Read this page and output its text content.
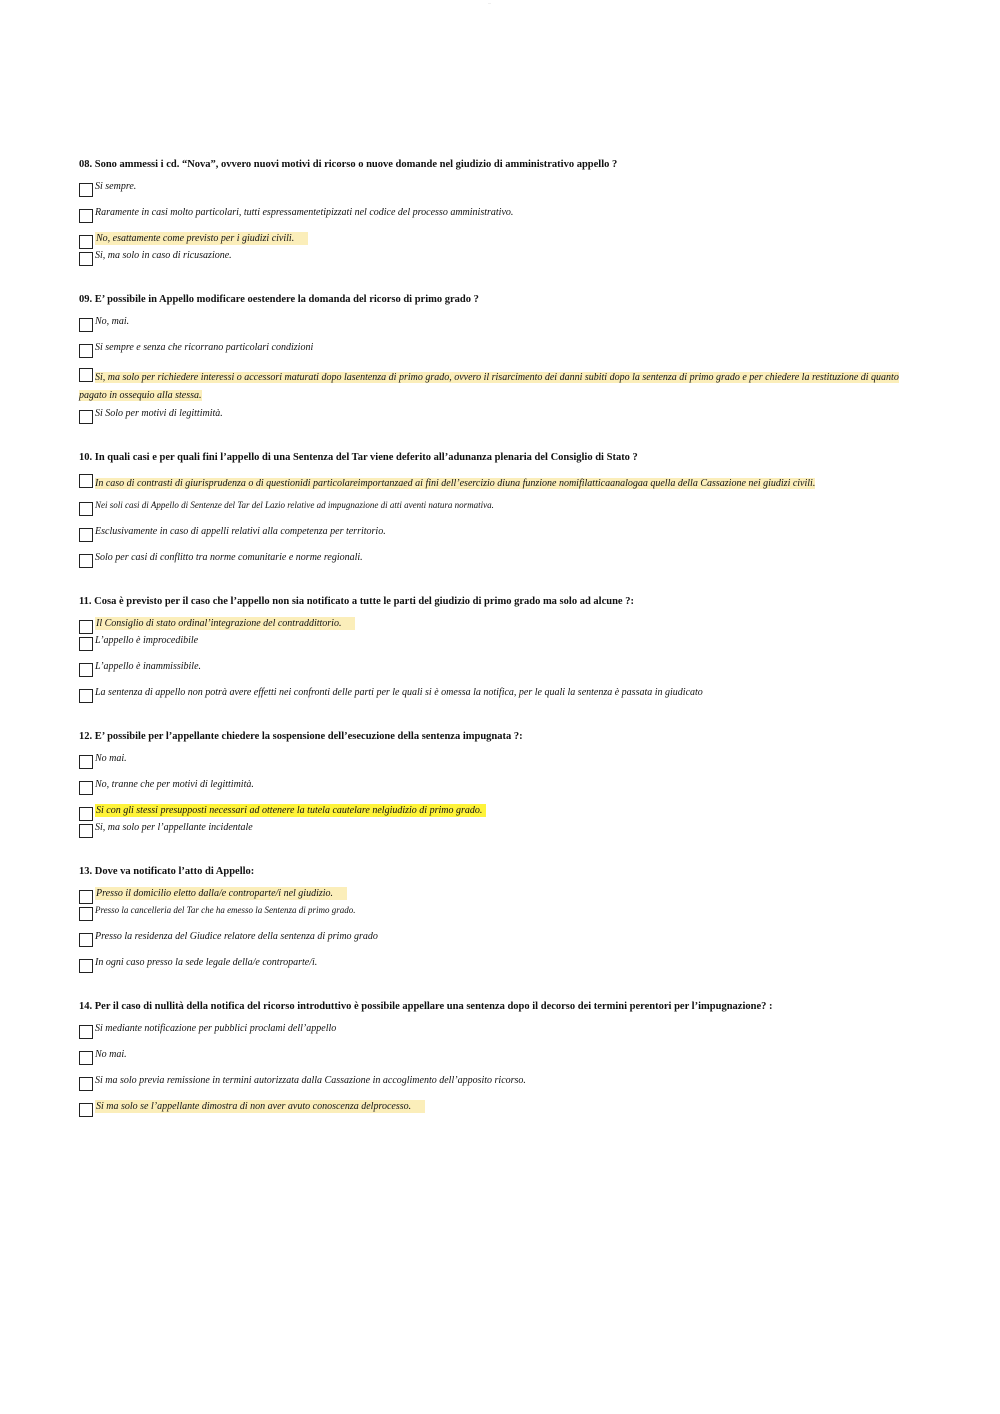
...

08. Sono ammessi i cd. “Nova”, ovvero nuovi motivi di ricorso o nuove domande nel giudizio di amministrativo appello ?

Si sempre.
Raramente in casi molto particolari, tutti espressamentetipizzati nel codice del processo amministrativo.
No, esattamente come previsto per i giudizi civili.
Si, ma solo in caso di ricusazione.

09. E’ possibile in Appello modificare oestendere la domanda del ricorso di primo grado ?

No, mai.
Si sempre e senza che ricorrano particolari condizioni
Si, ma solo per richiedere interessi o accessori maturati dopo lasentenza di primo grado, ovvero il risarcimento dei danni subiti dopo la sentenza di primo grado e per chiedere la restituzione di quanto pagato in ossequio alla stessa.
Si Solo per motivi di legittimità.

10. In quali casi e per quali fini l’appello di una Sentenza del Tar viene deferito all’adunanza plenaria del Consiglio di Stato ?

In caso di contrasti di giurisprudenza o di questionidi particolareimportanzaed ai fini dell’esercizio diuna funzione nomifilatticaanalogaa quella della Cassazione nei giudizi civili.
Nei soli casi di Appello di Sentenze del Tar del Lazio relative ad impugnazione di atti aventi natura normativa.
Esclusivamente in caso di appelli relativi alla competenza per territorio.
Solo per casi di conflitto tra norme comunitarie e norme regionali.

11. Cosa è previsto per il caso che l’appello non sia notificato a tutte le parti del giudizio di primo grado ma solo ad alcune ?:

Il Consiglio di stato ordinal’integrazione del contraddittorio.
L’appello è improcedibile
L’appello è inammissibile.
La sentenza di appello non potrà avere effetti nei confronti delle parti per le quali si è omessa la notifica, per le quali la sentenza è passata in giudicato

12. E’ possibile per l’appellante chiedere la sospensione dell’esecuzione della sentenza impugnata ?:

No mai.
No, tranne che per motivi di legittimità.
Si con gli stessi presupposti necessari ad ottenere la tutela cautelare nelgiudizio di primo grado.
Si, ma solo per l’appellante incidentale

13. Dove va notificato l’atto di Appello:

Presso il domicilio eletto dalla/e controparte/i nel giudizio.
Presso la cancelleria del Tar che ha emesso la Sentenza di primo grado.
Presso la residenza del Giudice relatore della sentenza di primo grado
In ogni caso presso la sede legale della/e controparte/i.

14. Per il caso di nullità della notifica del ricorso introduttivo è possibile appellare una sentenza dopo il decorso dei termini perentori per l’impugnazione? :

Si mediante notificazione per pubblici proclami dell’appello
No mai.
Si ma solo previa remissione in termini autorizzata dalla Cassazione in accoglimento dell’apposito ricorso.
Si ma solo se l’appellante dimostra di non aver avuto conoscenza delprocesso.
